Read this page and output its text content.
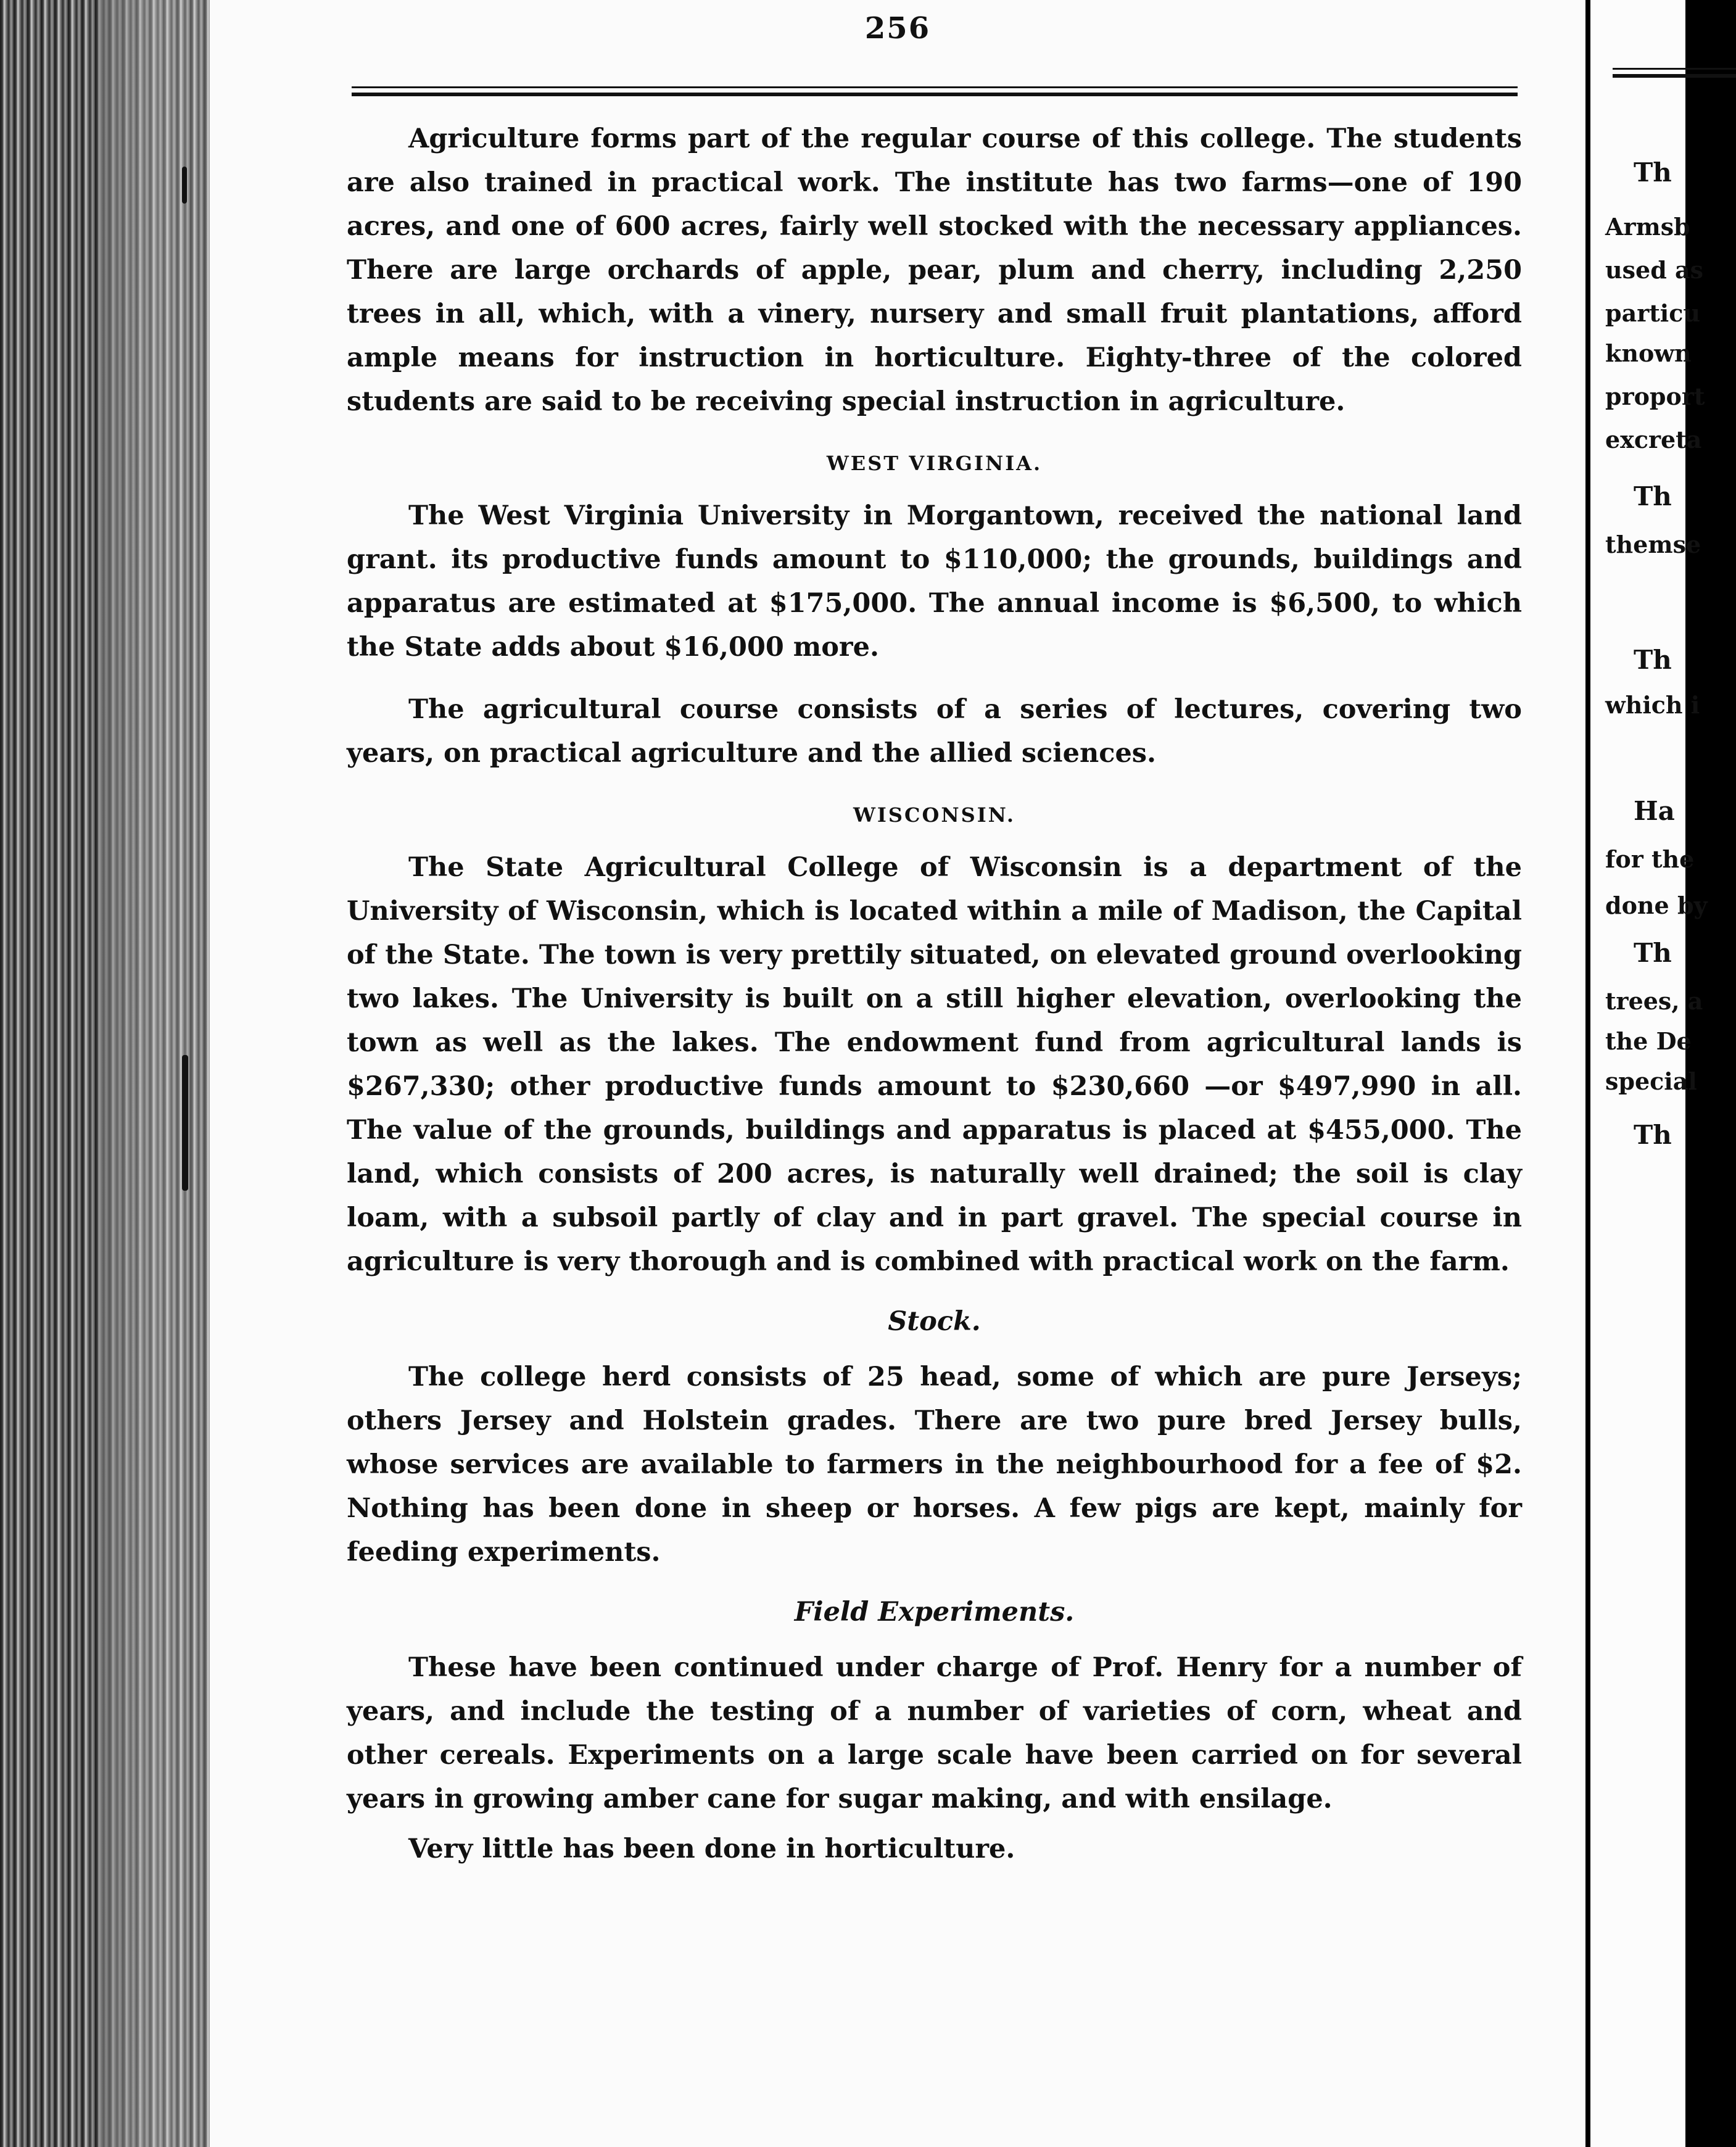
256

Agriculture forms part of the regular course of this college. The students are also trained in practical work. The institute has two farms—one of 190 acres, and one of 600 acres, fairly well stocked with the necessary appliances. There are large orchards of apple, pear, plum and cherry, including 2,250 trees in all, which, with a vinery, nursery and small fruit plantations, afford ample means for instruction in horticulture. Eighty-three of the colored students are said to be receiving special instruction in agriculture.

WEST VIRGINIA.

The West Virginia University in Morgantown, received the national land grant. its productive funds amount to $110,000; the grounds, buildings and apparatus are estimated at $175,000. The annual income is $6,500, to which the State adds about $16,000 more.

The agricultural course consists of a series of lectures, covering two years, on practical agriculture and the allied sciences.

WISCONSIN.

The State Agricultural College of Wisconsin is a department of the University of Wisconsin, which is located within a mile of Madison, the Capital of the State. The town is very prettily situated, on elevated ground overlooking two lakes. The University is built on a still higher elevation, overlooking the town as well as the lakes. The endowment fund from agricultural lands is $267,330; other productive funds amount to $230,660 —or $497,990 in all. The value of the grounds, buildings and apparatus is placed at $455,000. The land, which consists of 200 acres, is naturally well drained; the soil is clay loam, with a subsoil partly of clay and in part gravel. The special course in agriculture is very thorough and is combined with practical work on the farm.

Stock.

The college herd consists of 25 head, some of which are pure Jerseys; others Jersey and Holstein grades. There are two pure bred Jersey bulls, whose services are available to farmers in the neighbourhood for a fee of $2. Nothing has been done in sheep or horses. A few pigs are kept, mainly for feeding experiments.

Field Experiments.

These have been continued under charge of Prof. Henry for a number of years, and include the testing of a number of varieties of corn, wheat and other cereals. Experiments on a large scale have been carried on for several years in growing amber cane for sugar making, and with ensilage.

Very little has been done in horticulture.

Th
Armsb
used as
particu
known
proport
excreta
Th
themse
Th
which i
Ha
for the
done by
Th
trees, a
the De
special
Th
